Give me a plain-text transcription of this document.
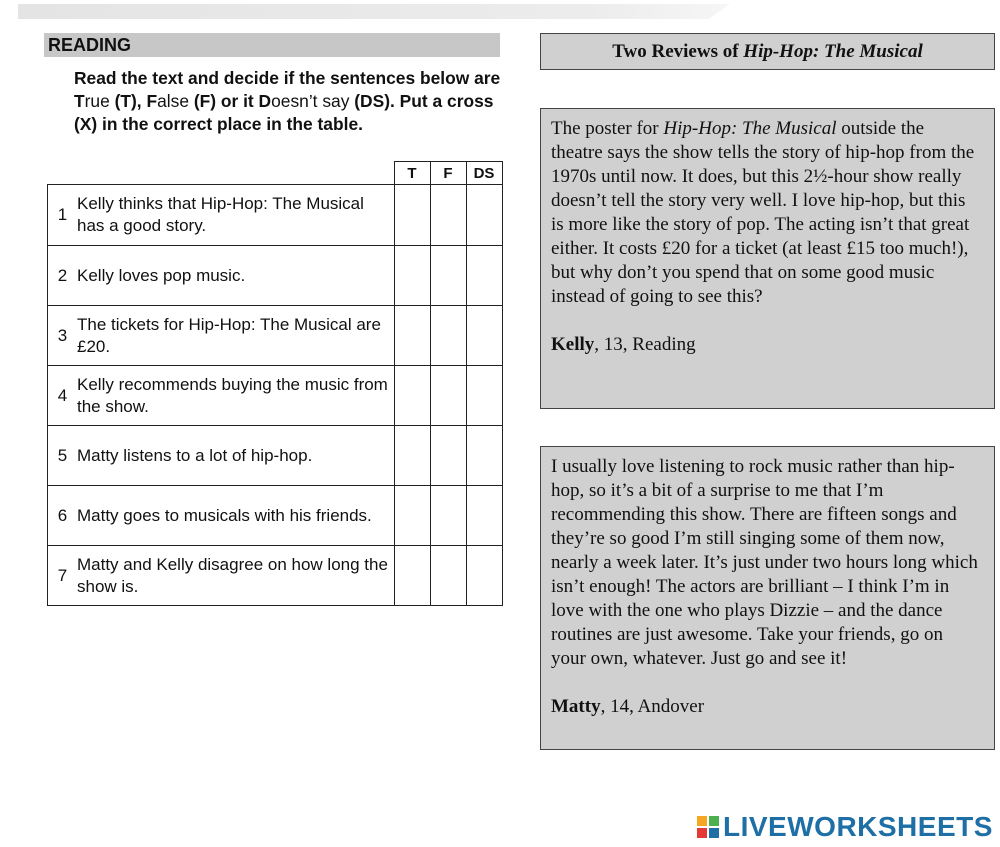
READING
Read the text and decide if the sentences below are True (T), False (F) or it Doesn’t say (DS). Put a cross (X) in the correct place in the table.
		T	F	DS
1	Kelly thinks that Hip-Hop: The Musical has a good story.			
2	Kelly loves pop music.			
3	The tickets for Hip-Hop: The Musical are £20.			
4	Kelly recommends buying the music from the show.			
5	Matty listens to a lot of hip-hop.			
6	Matty goes to musicals with his friends.			
7	Matty and Kelly disagree on how long the show is.			
Two Reviews of Hip-Hop: The Musical

The poster for Hip-Hop: The Musical outside the theatre says the show tells the story of hip-hop from the 1970s until now. It does, but this 2½-hour show really doesn’t tell the story very well. I love hip-hop, but this is more like the story of pop. The acting isn’t that great either. It costs £20 for a ticket (at least £15 too much!), but why don’t you spend that on some good music instead of going to see this?

Kelly, 13, Reading

I usually love listening to rock music rather than hip-hop, so it’s a bit of a surprise to me that I’m recommending this show. There are fifteen songs and they’re so good I’m still singing some of them now, nearly a week later. It’s just under two hours long which isn’t enough! The actors are brilliant – I think I’m in love with the one who plays Dizzie – and the dance routines are just awesome. Take your friends, go on your own, whatever. Just go and see it!

Matty, 14, Andover

LIVEWORKSHEETS
